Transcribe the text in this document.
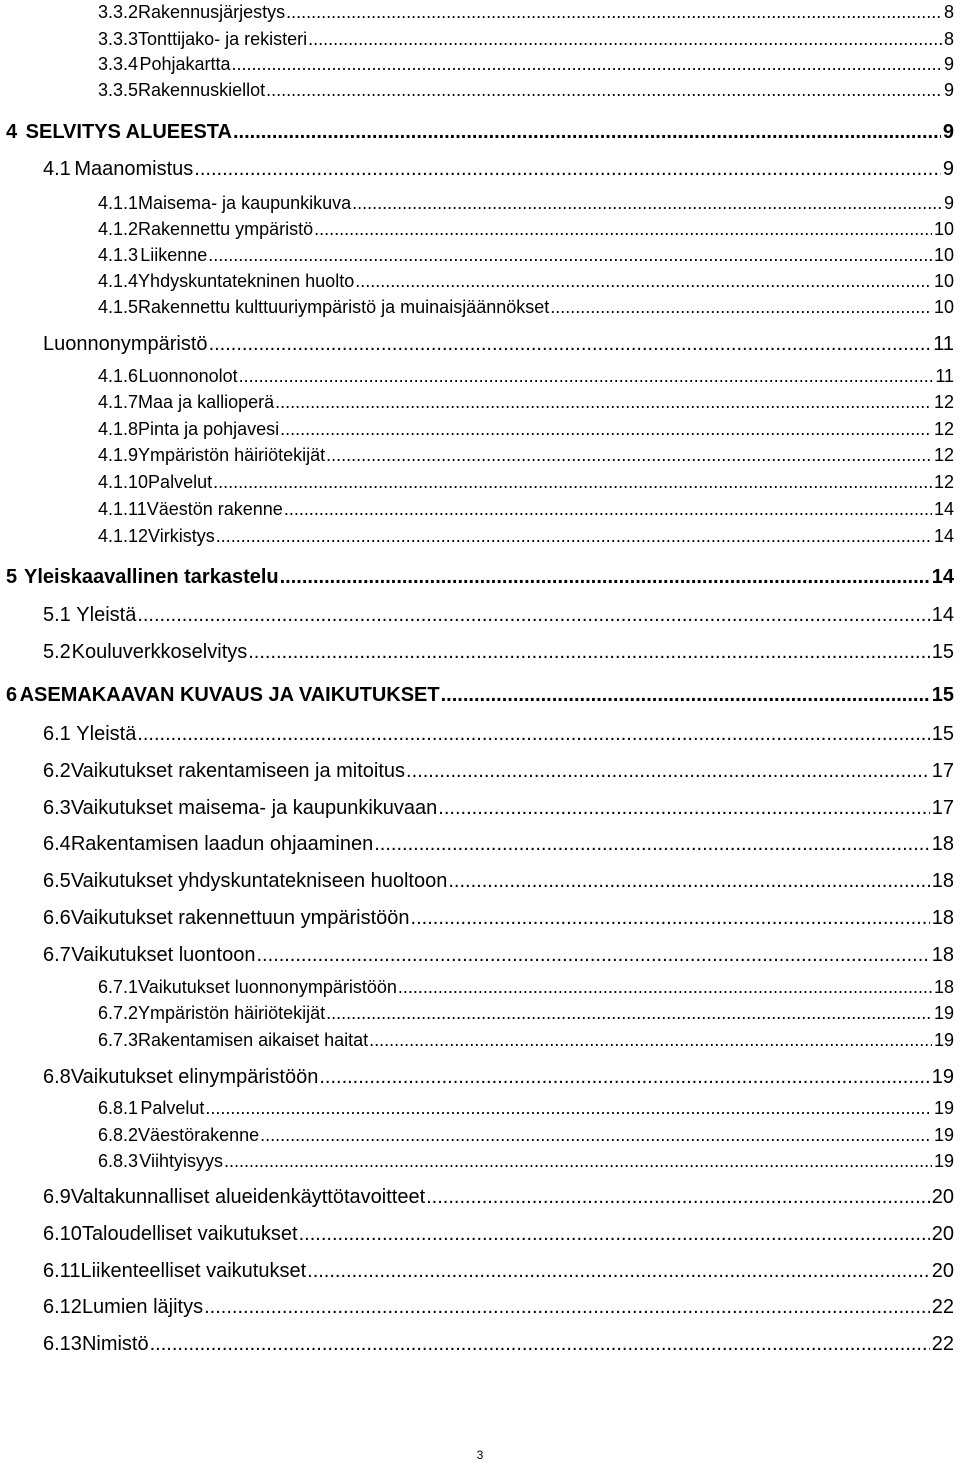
3.3.2 Rakennusjärjestys .....	8
3.3.3 Tonttijako- ja rekisteri .....	8
3.3.4 Pohjakartta .....	9
3.3.5 Rakennuskiellot .....	9
4 SELVITYS ALUEESTA .....	9
4.1 Maanomistus .....	9
4.1.1 Maisema- ja kaupunkikuva .....	9
4.1.2 Rakennettu ympäristö .....	10
4.1.3 Liikenne .....	10
4.1.4 Yhdyskuntatekninen huolto .....	10
4.1.5 Rakennettu kulttuuriympäristö ja muinaisjäännökset .....	10
Luonnonympäristö .....	11
4.1.6 Luonnonolot .....	11
4.1.7 Maa ja kallioperä .....	12
4.1.8 Pinta ja pohjavesi .....	12
4.1.9 Ympäristön häiriötekijät .....	12
4.1.10 Palvelut .....	12
4.1.11 Väestön rakenne .....	14
4.1.12 Virkistys .....	14
5 Yleiskaavallinen tarkastelu .....	14
5.1 Yleistä .....	14
5.2 Kouluverkkoselvitys .....	15
6 ASEMAKAAVAN KUVAUS JA VAIKUTUKSET .....	15
6.1 Yleistä .....	15
6.2 Vaikutukset rakentamiseen ja mitoitus .....	17
6.3 Vaikutukset maisema- ja kaupunkikuvaan .....	17
6.4 Rakentamisen laadun ohjaaminen .....	18
6.5 Vaikutukset yhdyskuntatekniseen huoltoon .....	18
6.6 Vaikutukset rakennettuun ympäristöön .....	18
6.7 Vaikutukset luontoon .....	18
6.7.1 Vaikutukset luonnonympäristöön .....	18
6.7.2 Ympäristön häiriötekijät .....	19
6.7.3 Rakentamisen aikaiset haitat .....	19
6.8 Vaikutukset elinympäristöön .....	19
6.8.1 Palvelut .....	19
6.8.2 Väestörakenne .....	19
6.8.3 Viihtyisyys .....	19
6.9 Valtakunnalliset alueidenkäyttötavoitteet .....	20
6.10 Taloudelliset vaikutukset .....	20
6.11 Liikenteelliset vaikutukset .....	20
6.12 Lumien läjitys .....	22
6.13 Nimistö .....	22
3
